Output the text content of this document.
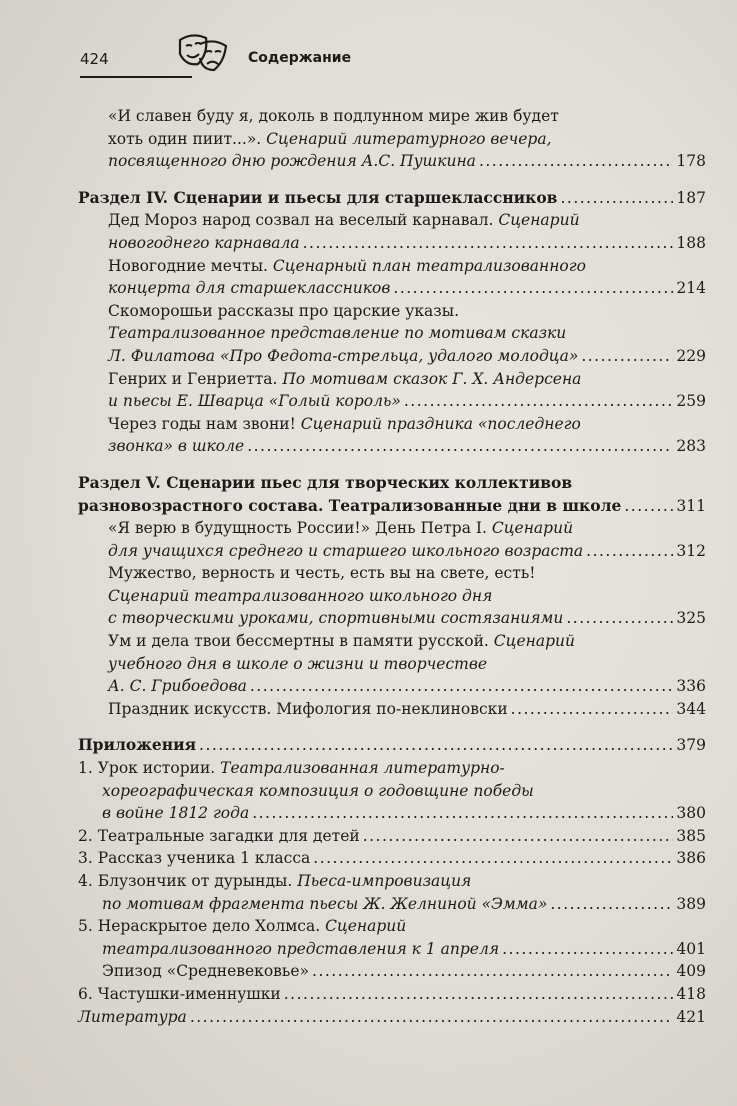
424	Содержание
«И славен буду я, доколь в подлунном мире жив будет
хоть один пиит...». Сценарий литературного вечера,
посвященного дню рождения А.С. Пушкина .....	178
Раздел IV. Сценарии и пьесы для старшеклассников .....	187
Дед Мороз народ созвал на веселый карнавал. Сценарий
новогоднего карнавала .....	188
Новогодние мечты. Сценарный план театрализованного
концерта для старшеклассников .....	214
Скоморошьи рассказы про царские указы.
Театрализованное представление по мотивам сказки
Л. Филатова «Про Федота-стрельца, удалого молодца» .....	229
Генрих и Генриетта. По мотивам сказок Г. Х. Андерсена
и пьесы Е. Шварца «Голый король» .....	259
Через годы нам звони! Сценарий праздника «последнего
звонка» в школе .....	283
Раздел V. Сценарии пьес для творческих коллективов
разновозрастного состава. Театрализованные дни в школе .....	311
«Я верю в будущность России!» День Петра I. Сценарий
для учащихся среднего и старшего школьного возраста .....	312
Мужество, верность и честь, есть вы на свете, есть!
Сценарий театрализованного школьного дня
с творческими уроками, спортивными состязаниями .....	325
Ум и дела твои бессмертны в памяти русской. Сценарий
учебного дня в школе о жизни и творчестве
А. С. Грибоедова .....	336
Праздник искусств. Мифология по-неклиновски .....	344
Приложения .....	379
1. Урок истории. Театрализованная литературно-
хореографическая композиция о годовщине победы
в войне 1812 года .....	380
2. Театральные загадки для детей .....	385
3. Рассказ ученика 1 класса .....	386
4. Блузончик от дурынды. Пьеса-импровизация
по мотивам фрагмента пьесы Ж. Желниной «Эмма» .....	389
5. Нераскрытое дело Холмса. Сценарий
театрализованного представления к 1 апреля .....	401
Эпизод «Средневековье» .....	409
6. Частушки-именнушки .....	418
Литература .....	421
